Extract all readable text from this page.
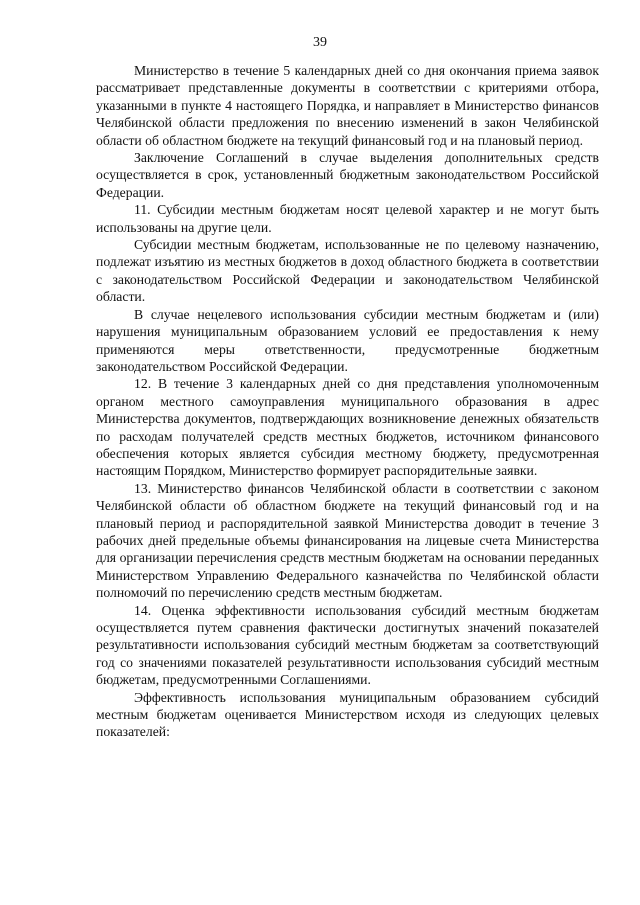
39

Министерство в течение 5 календарных дней со дня окончания приема заявок рассматривает представленные документы в соответствии с критериями отбора, указанными в пункте 4 настоящего Порядка, и направляет в Министерство финансов Челябинской области предложения по внесению изменений в закон Челябинской области об областном бюджете на текущий финансовый год и на плановый период.

Заключение Соглашений в случае выделения дополнительных средств осуществляется в срок, установленный бюджетным законодательством Российской Федерации.

11. Субсидии местным бюджетам носят целевой характер и не могут быть использованы на другие цели.

Субсидии местным бюджетам, использованные не по целевому назначению, подлежат изъятию из местных бюджетов в доход областного бюджета в соответствии с законодательством Российской Федерации и законодательством Челябинской области.

В случае нецелевого использования субсидии местным бюджетам и (или) нарушения муниципальным образованием условий ее предоставления к нему применяются меры ответственности, предусмотренные бюджетным законодательством Российской Федерации.

12. В течение 3 календарных дней со дня представления уполномоченным органом местного самоуправления муниципального образования в адрес Министерства документов, подтверждающих возникновение денежных обязательств по расходам получателей средств местных бюджетов, источником финансового обеспечения которых является субсидия местному бюджету, предусмотренная настоящим Порядком, Министерство формирует распорядительные заявки.

13. Министерство финансов Челябинской области в соответствии с законом Челябинской области об областном бюджете на текущий финансовый год и на плановый период и распорядительной заявкой Министерства доводит в течение 3 рабочих дней предельные объемы финансирования на лицевые счета Министерства для организации перечисления средств местным бюджетам на основании переданных Министерством Управлению Федерального казначейства по Челябинской области полномочий по перечислению средств местным бюджетам.

14. Оценка эффективности использования субсидий местным бюджетам осуществляется путем сравнения фактически достигнутых значений показателей результативности использования субсидий местным бюджетам за соответствующий год со значениями показателей результативности использования субсидий местным бюджетам, предусмотренными Соглашениями.

Эффективность использования муниципальным образованием субсидий местным бюджетам оценивается Министерством исходя из следующих целевых показателей:
